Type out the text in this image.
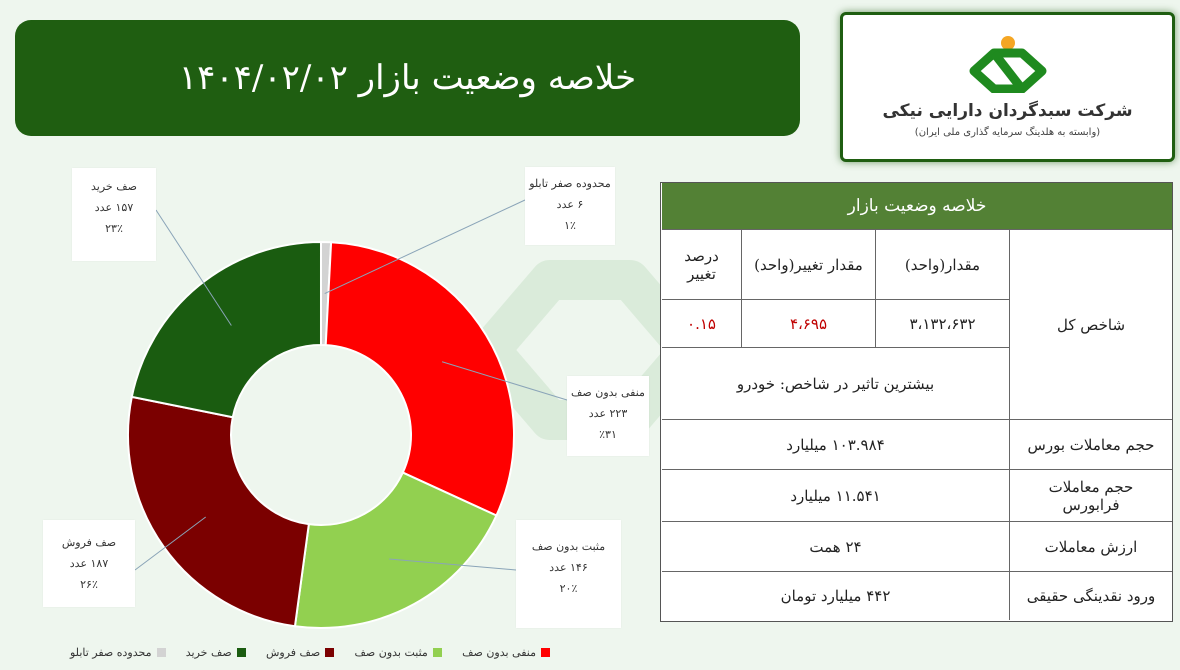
خلاصه وضعیت بازار ۱۴۰۴/۰۲/۰۲
شرکت سبدگردان دارایی نیکی
(وابسته به هلدینگ سرمایه گذاری ملی ایران)
محدوده صفر تابلو
۶ عدد
۱٪
منفی بدون صف
۲۲۳ عدد
٪۳۱
مثبت بدون صف
۱۴۶ عدد
۲۰٪
صف فروش
۱۸۷ عدد
۲۶٪
صف خرید
۱۵۷ عدد
۲۳٪
منفی بدون صف
مثبت بدون صف
صف فروش
صف خرید
محدوده صفر تابلو
خلاصه وضعیت بازار
شاخص کل
مقدار(واحد)
مقدار تغییر(واحد)
درصد تغییر
۳،۱۳۲،۶۳۲
۴،۶۹۵
۰.۱۵
بیشترین تاثیر در شاخص: خودرو
حجم معاملات بورس
۱۰۳.۹۸۴ میلیارد
حجم معاملات فرابورس
۱۱.۵۴۱ میلیارد
ارزش معاملات
۲۴ همت
ورود نقدینگی حقیقی
۴۴۲ میلیارد تومان
